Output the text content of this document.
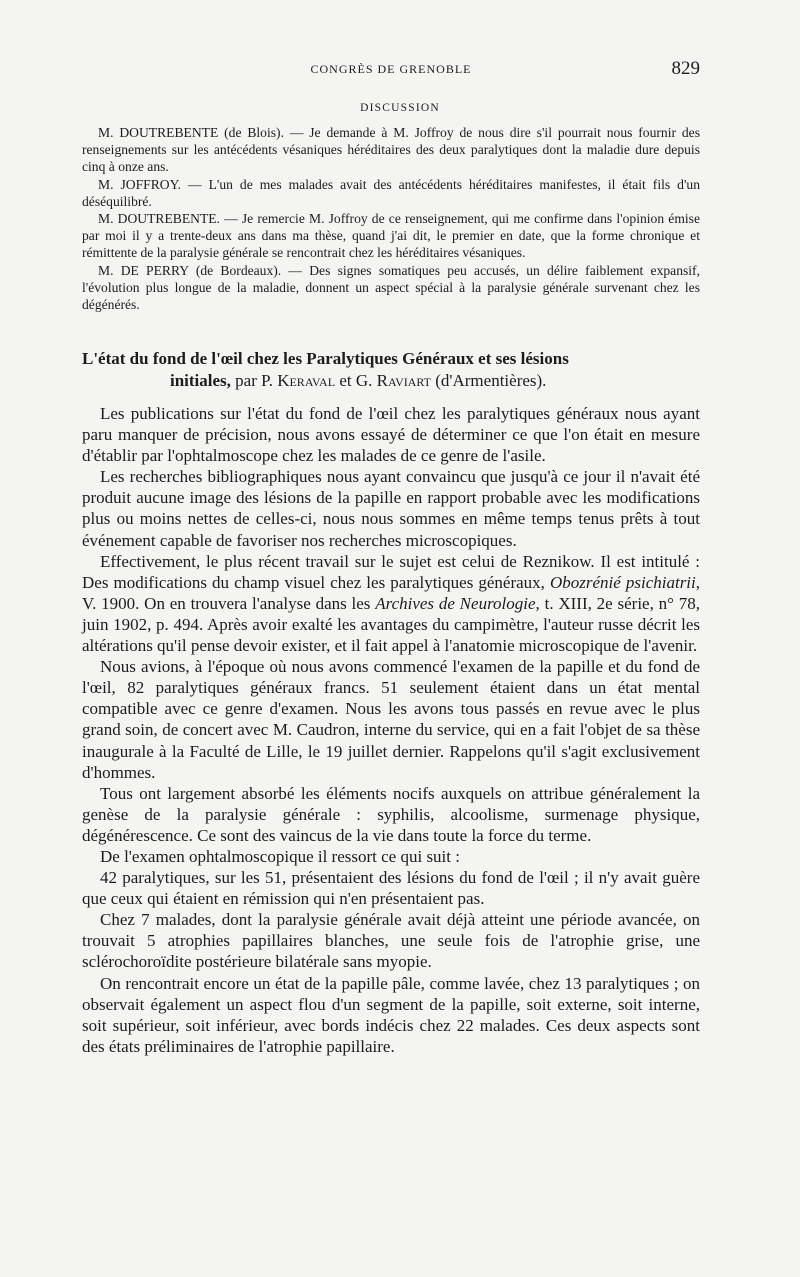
CONGRÈS DE GRENOBLE	829
DISCUSSION

M. DOUTREBENTE (de Blois). — Je demande à M. Joffroy de nous dire s'il pourrait nous fournir des renseignements sur les antécédents vésaniques héréditaires des deux paralytiques dont la maladie dure depuis cinq à onze ans.

M. JOFFROY. — L'un de mes malades avait des antécédents héréditaires manifestes, il était fils d'un déséquilibré.

M. DOUTREBENTE. — Je remercie M. Joffroy de ce renseignement, qui me confirme dans l'opinion émise par moi il y a trente-deux ans dans ma thèse, quand j'ai dit, le premier en date, que la forme chronique et rémittente de la paralysie générale se rencontrait chez les héréditaires vésaniques.

M. DE PERRY (de Bordeaux). — Des signes somatiques peu accusés, un délire faiblement expansif, l'évolution plus longue de la maladie, donnent un aspect spécial à la paralysie générale survenant chez les dégénérés.

L'état du fond de l'œil chez les Paralytiques Généraux et ses lésions
initiales, par P. Keraval et G. Raviart (d'Armentières).

Les publications sur l'état du fond de l'œil chez les paralytiques généraux nous ayant paru manquer de précision, nous avons essayé de déterminer ce que l'on était en mesure d'établir par l'ophtalmoscope chez les malades de ce genre de l'asile.

Les recherches bibliographiques nous ayant convaincu que jusqu'à ce jour il n'avait été produit aucune image des lésions de la papille en rapport probable avec les modifications plus ou moins nettes de celles-ci, nous nous sommes en même temps tenus prêts à tout événement capable de favoriser nos recherches microscopiques.

Effectivement, le plus récent travail sur le sujet est celui de Reznikow. Il est intitulé : Des modifications du champ visuel chez les paralytiques généraux, Obozrénié psichiatrii, V. 1900. On en trouvera l'analyse dans les Archives de Neurologie, t. XIII, 2e série, n° 78, juin 1902, p. 494. Après avoir exalté les avantages du campimètre, l'auteur russe décrit les altérations qu'il pense devoir exister, et il fait appel à l'anatomie microscopique de l'avenir.

Nous avions, à l'époque où nous avons commencé l'examen de la papille et du fond de l'œil, 82 paralytiques généraux francs. 51 seulement étaient dans un état mental compatible avec ce genre d'examen. Nous les avons tous passés en revue avec le plus grand soin, de concert avec M. Caudron, interne du service, qui en a fait l'objet de sa thèse inaugurale à la Faculté de Lille, le 19 juillet dernier. Rappelons qu'il s'agit exclusivement d'hommes.

Tous ont largement absorbé les éléments nocifs auxquels on attribue généralement la genèse de la paralysie générale : syphilis, alcoolisme, surmenage physique, dégénérescence. Ce sont des vaincus de la vie dans toute la force du terme.

De l'examen ophtalmoscopique il ressort ce qui suit :

42 paralytiques, sur les 51, présentaient des lésions du fond de l'œil ; il n'y avait guère que ceux qui étaient en rémission qui n'en présentaient pas.

Chez 7 malades, dont la paralysie générale avait déjà atteint une période avancée, on trouvait 5 atrophies papillaires blanches, une seule fois de l'atrophie grise, une sclérochoroïdite postérieure bilatérale sans myopie.

On rencontrait encore un état de la papille pâle, comme lavée, chez 13 paralytiques ; on observait également un aspect flou d'un segment de la papille, soit externe, soit interne, soit supérieur, soit inférieur, avec bords indécis chez 22 malades. Ces deux aspects sont des états préliminaires de l'atrophie papillaire.
